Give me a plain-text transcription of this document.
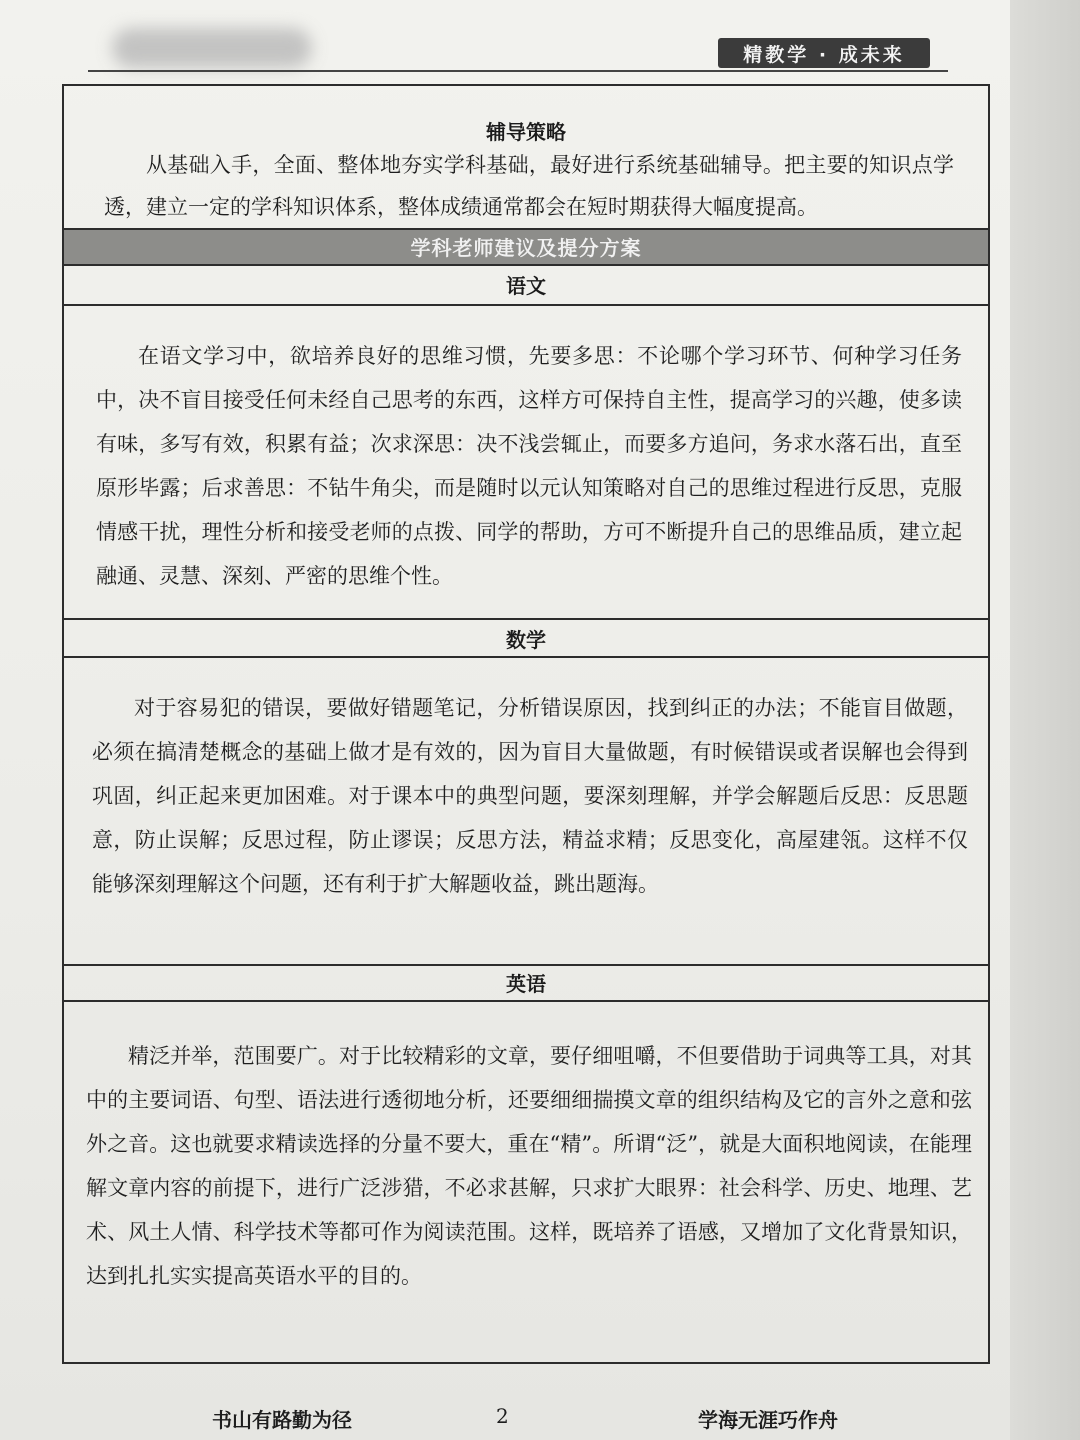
精教学 · 成未来
辅导策略
从基础入手，全面、整体地夯实学科基础，最好进行系统基础辅导。把主要的知识点学透，建立一定的学科知识体系，整体成绩通常都会在短时期获得大幅度提高。
学科老师建议及提分方案
语文
在语文学习中，欲培养良好的思维习惯，先要多思：不论哪个学习环节、何种学习任务中，决不盲目接受任何未经自己思考的东西，这样方可保持自主性，提高学习的兴趣，使多读有味，多写有效，积累有益；次求深思：决不浅尝辄止，而要多方追问，务求水落石出，直至原形毕露；后求善思：不钻牛角尖，而是随时以元认知策略对自己的思维过程进行反思，克服情感干扰，理性分析和接受老师的点拨、同学的帮助，方可不断提升自己的思维品质，建立起融通、灵慧、深刻、严密的思维个性。
数学
对于容易犯的错误，要做好错题笔记，分析错误原因，找到纠正的办法；不能盲目做题，必须在搞清楚概念的基础上做才是有效的，因为盲目大量做题，有时候错误或者误解也会得到巩固，纠正起来更加困难。对于课本中的典型问题，要深刻理解，并学会解题后反思：反思题意，防止误解；反思过程，防止谬误；反思方法，精益求精；反思变化，高屋建瓴。这样不仅能够深刻理解这个问题，还有利于扩大解题收益，跳出题海。
英语
精泛并举，范围要广。对于比较精彩的文章，要仔细咀嚼，不但要借助于词典等工具，对其中的主要词语、句型、语法进行透彻地分析，还要细细揣摸文章的组织结构及它的言外之意和弦外之音。这也就要求精读选择的分量不要大，重在“精”。所谓“泛”，就是大面积地阅读，在能理解文章内容的前提下，进行广泛涉猎，不必求甚解，只求扩大眼界：社会科学、历史、地理、艺术、风土人情、科学技术等都可作为阅读范围。这样，既培养了语感，又增加了文化背景知识，达到扎扎实实提高英语水平的目的。
书山有路勤为径	2	学海无涯巧作舟
